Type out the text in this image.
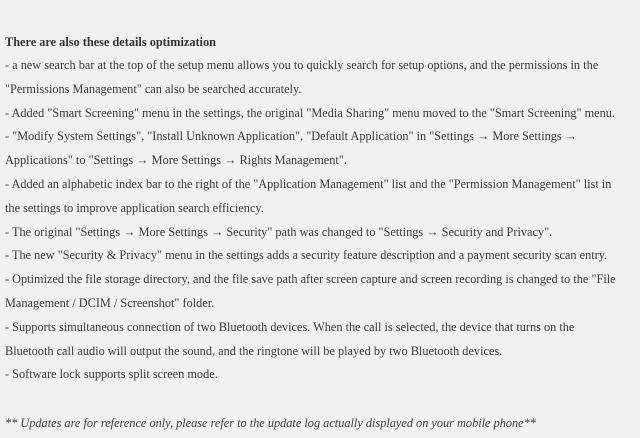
There are also these details optimization
- a new search bar at the top of the setup menu allows you to quickly search for setup options, and the permissions in the
"Permissions Management" can also be searched accurately.
- Added "Smart Screening" menu in the settings, the original "Media Sharing" menu moved to the "Smart Screening" menu.
- "Modify System Settings", "Install Unknown Application", "Default Application" in "Settings → More Settings →
Applications" to "Settings → More Settings → Rights Management".
- Added an alphabetic index bar to the right of the "Application Management" list and the "Permission Management" list in
the settings to improve application search efficiency.
- The original "Settings → More Settings → Security" path was changed to "Settings → Security and Privacy".
- The new "Security & Privacy" menu in the settings adds a security feature description and a payment security scan entry.
- Optimized the file storage directory, and the file save path after screen capture and screen recording is changed to the "File
Management / DCIM / Screenshot" folder.
- Supports simultaneous connection of two Bluetooth devices. When the call is selected, the device that turns on the
Bluetooth call audio will output the sound, and the ringtone will be played by two Bluetooth devices.
- Software lock supports split screen mode.
** Updates are for reference only, please refer to the update log actually displayed on your mobile phone**
